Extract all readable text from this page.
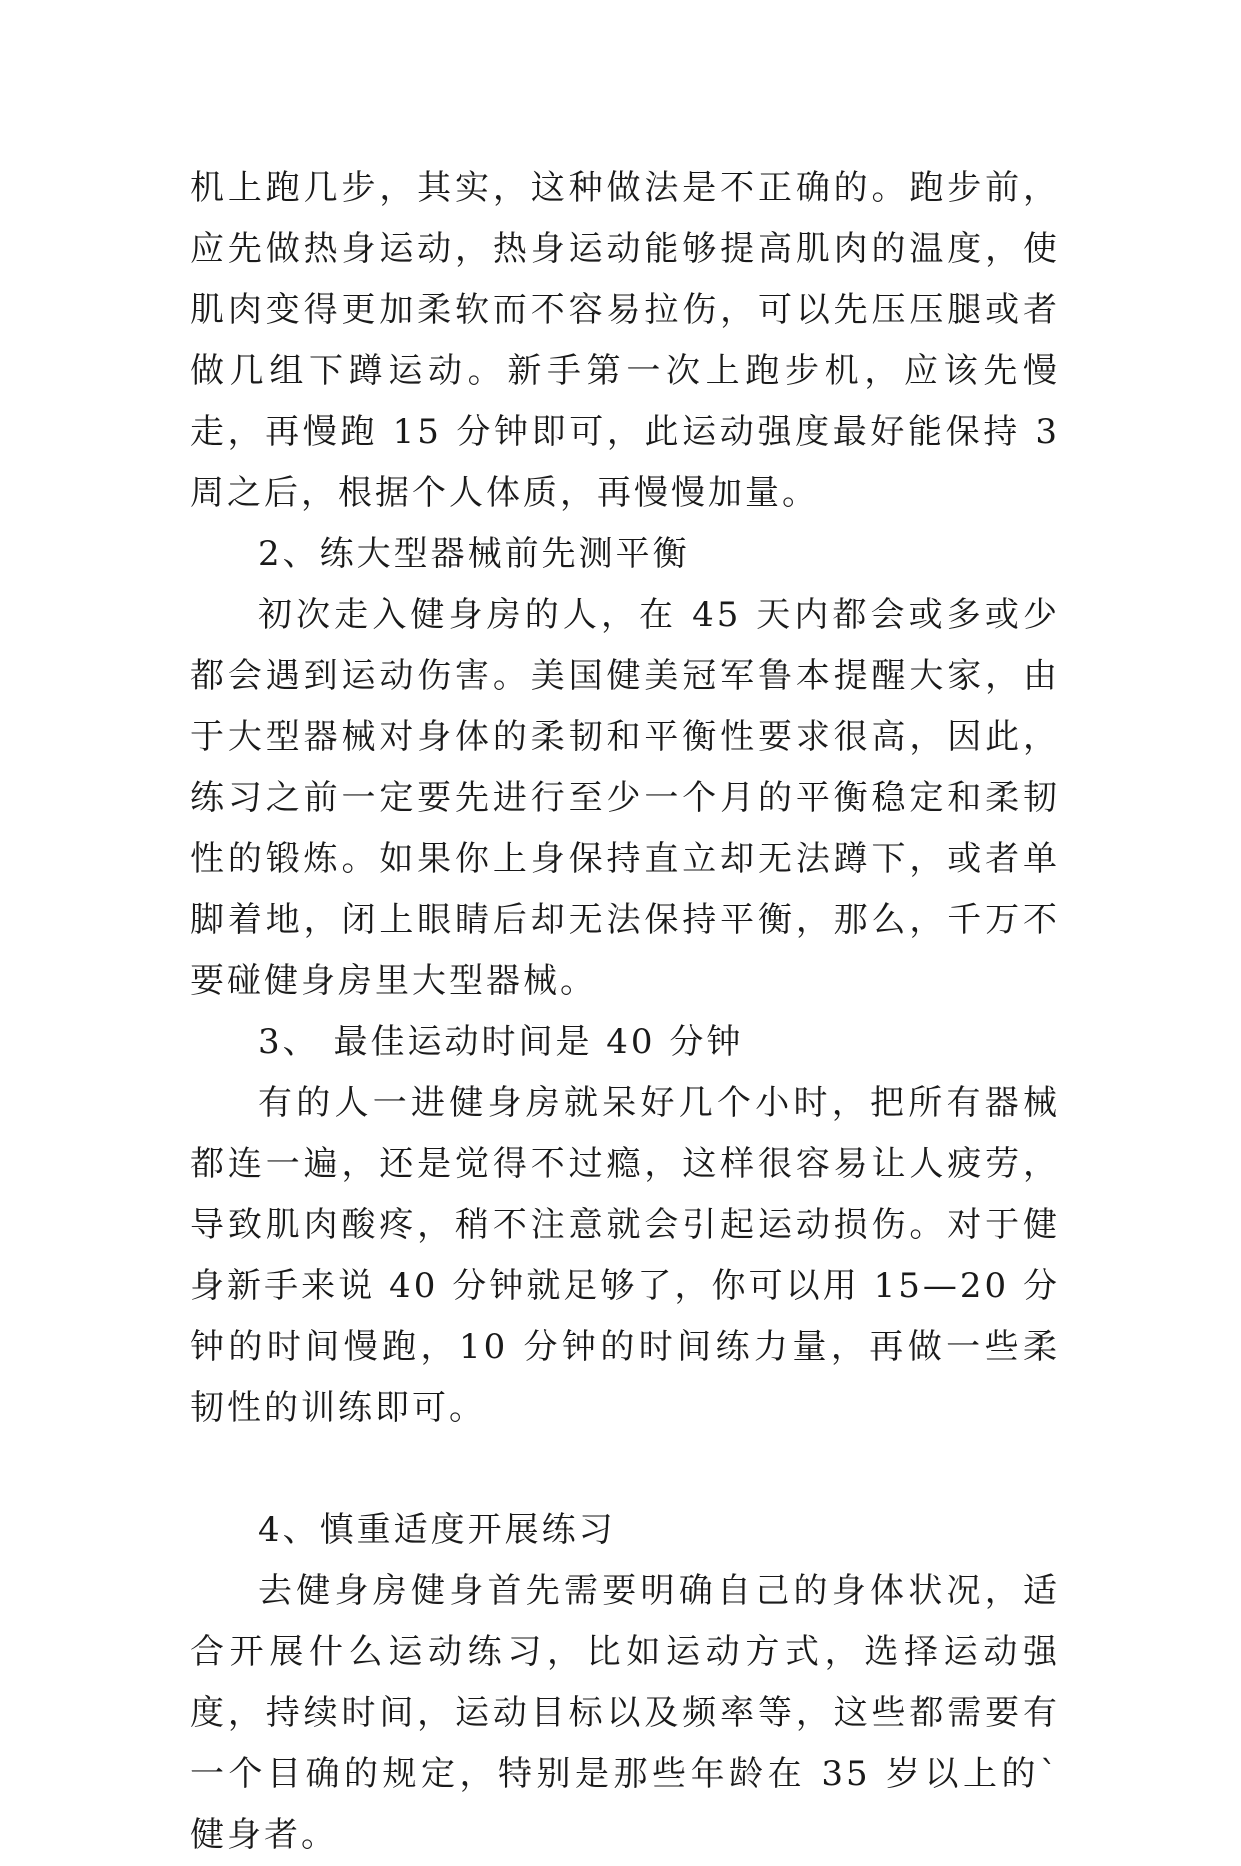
机上跑几步，其实，这种做法是不正确的。跑步前，应先做热身运动，热身运动能够提高肌肉的温度，使肌肉变得更加柔软而不容易拉伤，可以先压压腿或者做几组下蹲运动。新手第一次上跑步机，应该先慢走，再慢跑 15 分钟即可，此运动强度最好能保持 3 周之后，根据个人体质，再慢慢加量。

2、练大型器械前先测平衡

初次走入健身房的人，在 45 天内都会或多或少都会遇到运动伤害。美国健美冠军鲁本提醒大家，由于大型器械对身体的柔韧和平衡性要求很高，因此，练习之前一定要先进行至少一个月的平衡稳定和柔韧性的锻炼。如果你上身保持直立却无法蹲下，或者单脚着地，闭上眼睛后却无法保持平衡，那么，千万不要碰健身房里大型器械。

3、 最佳运动时间是 40 分钟

有的人一进健身房就呆好几个小时，把所有器械都连一遍，还是觉得不过瘾，这样很容易让人疲劳，导致肌肉酸疼，稍不注意就会引起运动损伤。对于健身新手来说 40 分钟就足够了，你可以用 15—20 分钟的时间慢跑，10 分钟的时间练力量，再做一些柔韧性的训练即可。

4、慎重适度开展练习

去健身房健身首先需要明确自己的身体状况，适合开展什么运动练习，比如运动方式，选择运动强度，持续时间，运动目标以及频率等，这些都需要有一个目确的规定，特别是那些年龄在 35 岁以上的`健身者。
